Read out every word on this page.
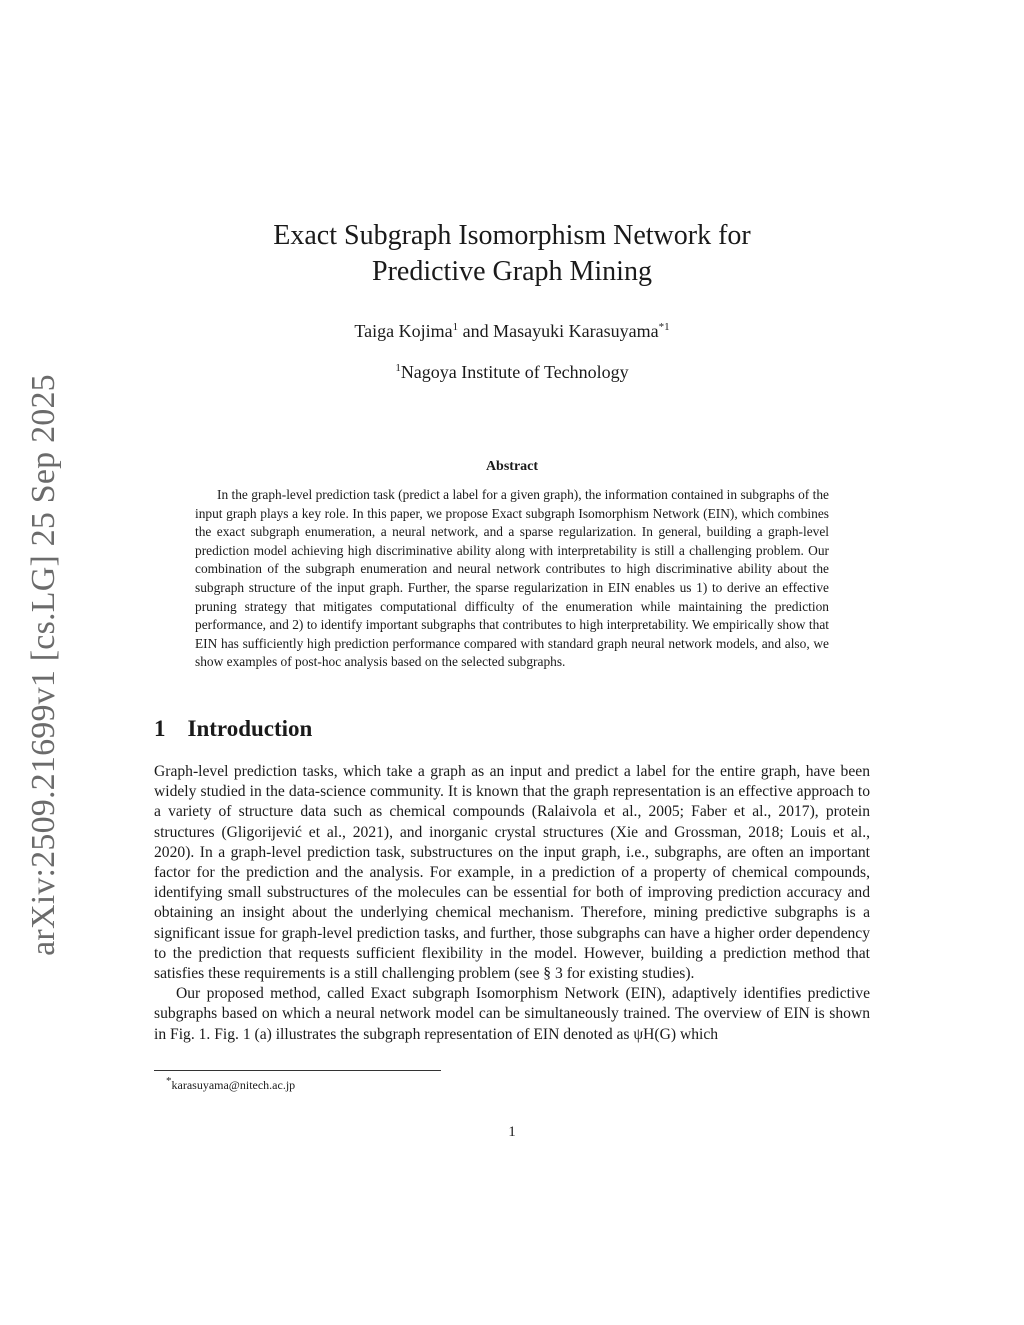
arXiv:2509.21699v1 [cs.LG] 25 Sep 2025
Exact Subgraph Isomorphism Network for
Predictive Graph Mining
Taiga Kojima$^1$ and Masayuki Karasuyama$^{*1}$
$^1$Nagoya Institute of Technology
Abstract

In the graph-level prediction task (predict a label for a given graph), the information contained in subgraphs of the input graph plays a key role. In this paper, we propose Exact subgraph Isomorphism Network (EIN), which combines the exact subgraph enumeration, a neural network, and a sparse regularization. In general, building a graph-level prediction model achieving high discriminative ability along with interpretability is still a challenging problem. Our combination of the subgraph enumeration and neural network contributes to high discriminative ability about the subgraph structure of the input graph. Further, the sparse regularization in EIN enables us 1) to derive an effective pruning strategy that mitigates computational difficulty of the enumeration while maintaining the prediction performance, and 2) to identify important subgraphs that contributes to high interpretability. We empirically show that EIN has sufficiently high prediction performance compared with standard graph neural network models, and also, we show examples of post-hoc analysis based on the selected subgraphs.

1 Introduction

Graph-level prediction tasks, which take a graph as an input and predict a label for the entire graph, have been widely studied in the data-science community. It is known that the graph representation is an effective approach to a variety of structure data such as chemical compounds (Ralaivola et al., 2005; Faber et al., 2017), protein structures (Gligorijević et al., 2021), and inorganic crystal structures (Xie and Grossman, 2018; Louis et al., 2020). In a graph-level prediction task, substructures on the input graph, i.e., subgraphs, are often an important factor for the prediction and the analysis. For example, in a prediction of a property of chemical compounds, identifying small substructures of the molecules can be essential for both of improving prediction accuracy and obtaining an insight about the underlying chemical mechanism. Therefore, mining predictive subgraphs is a significant issue for graph-level prediction tasks, and further, those subgraphs can have a higher order dependency to the prediction that requests sufficient flexibility in the model. However, building a prediction method that satisfies these requirements is a still challenging problem (see § 3 for existing studies).

Our proposed method, called Exact subgraph Isomorphism Network (EIN), adaptively identifies predictive subgraphs based on which a neural network model can be simultaneously trained. The overview of EIN is shown in Fig. 1. Fig. 1 (a) illustrates the subgraph representation of EIN denoted as ψH(G) which

*karasuyama@nitech.ac.jp
1
